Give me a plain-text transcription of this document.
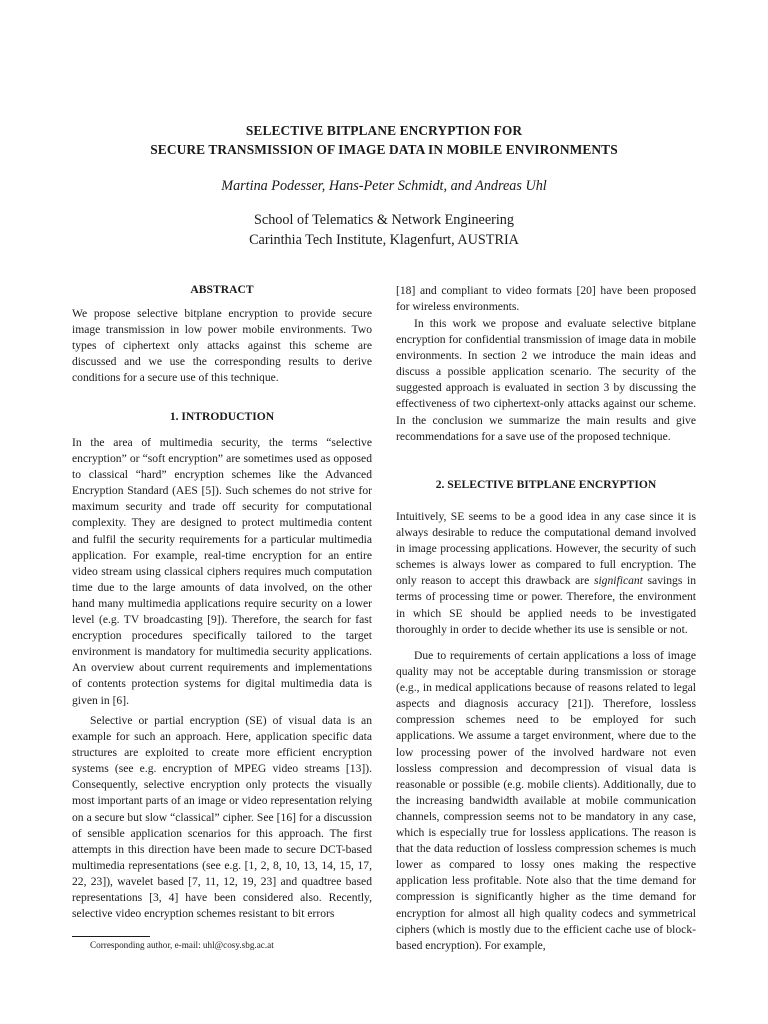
SELECTIVE BITPLANE ENCRYPTION FOR
SECURE TRANSMISSION OF IMAGE DATA IN MOBILE ENVIRONMENTS

Martina Podesser, Hans-Peter Schmidt, and Andreas Uhl

School of Telematics & Network Engineering

Carinthia Tech Institute, Klagenfurt, AUSTRIA

ABSTRACT

We propose selective bitplane encryption to provide secure image transmission in low power mobile environments. Two types of ciphertext only attacks against this scheme are discussed and we use the corresponding results to derive conditions for a secure use of this technique.

1. INTRODUCTION

In the area of multimedia security, the terms “selective encryption” or “soft encryption” are sometimes used as opposed to classical “hard” encryption schemes like the Advanced Encryption Standard (AES [5]). Such schemes do not strive for maximum security and trade off security for computational complexity. They are designed to protect multimedia content and fulfil the security requirements for a particular multimedia application. For example, real-time encryption for an entire video stream using classical ciphers requires much computation time due to the large amounts of data involved, on the other hand many multimedia applications require security on a lower level (e.g. TV broadcasting [9]). Therefore, the search for fast encryption procedures specifically tailored to the target environment is mandatory for multimedia security applications. An overview about current requirements and implementations of contents protection systems for digital multimedia data is given in [6].

Selective or partial encryption (SE) of visual data is an example for such an approach. Here, application specific data structures are exploited to create more efficient encryption systems (see e.g. encryption of MPEG video streams [13]). Consequently, selective encryption only protects the visually most important parts of an image or video representation relying on a secure but slow “classical” cipher. See [16] for a discussion of sensible application scenarios for this approach. The first attempts in this direction have been made to secure DCT-based multimedia representations (see e.g. [1, 2, 8, 10, 13, 14, 15, 17, 22, 23]), wavelet based [7, 11, 12, 19, 23] and quadtree based representations [3, 4] have been considered also. Recently, selective video encryption schemes resistant to bit errors

Corresponding author, e-mail: uhl@cosy.sbg.ac.at

[18] and compliant to video formats [20] have been proposed for wireless environments.

In this work we propose and evaluate selective bitplane encryption for confidential transmission of image data in mobile environments. In section 2 we introduce the main ideas and discuss a possible application scenario. The security of the suggested approach is evaluated in section 3 by discussing the effectiveness of two ciphertext-only attacks against our scheme. In the conclusion we summarize the main results and give recommendations for a save use of the proposed technique.

2. SELECTIVE BITPLANE ENCRYPTION

Intuitively, SE seems to be a good idea in any case since it is always desirable to reduce the computational demand involved in image processing applications. However, the security of such schemes is always lower as compared to full encryption. The only reason to accept this drawback are significant savings in terms of processing time or power. Therefore, the environment in which SE should be applied needs to be investigated thoroughly in order to decide whether its use is sensible or not.

Due to requirements of certain applications a loss of image quality may not be acceptable during transmission or storage (e.g., in medical applications because of reasons related to legal aspects and diagnosis accuracy [21]). Therefore, lossless compression schemes need to be employed for such applications. We assume a target environment, where due to the low processing power of the involved hardware not even lossless compression and decompression of visual data is reasonable or possible (e.g. mobile clients). Additionally, due to the increasing bandwidth available at mobile communication channels, compression seems not to be mandatory in any case, which is especially true for lossless applications. The reason is that the data reduction of lossless compression schemes is much lower as compared to lossy ones making the respective application less profitable. Note also that the time demand for compression is significantly higher as the time demand for encryption for almost all high quality codecs and symmetrical ciphers (which is mostly due to the efficient cache use of block-based encryption). For example,
